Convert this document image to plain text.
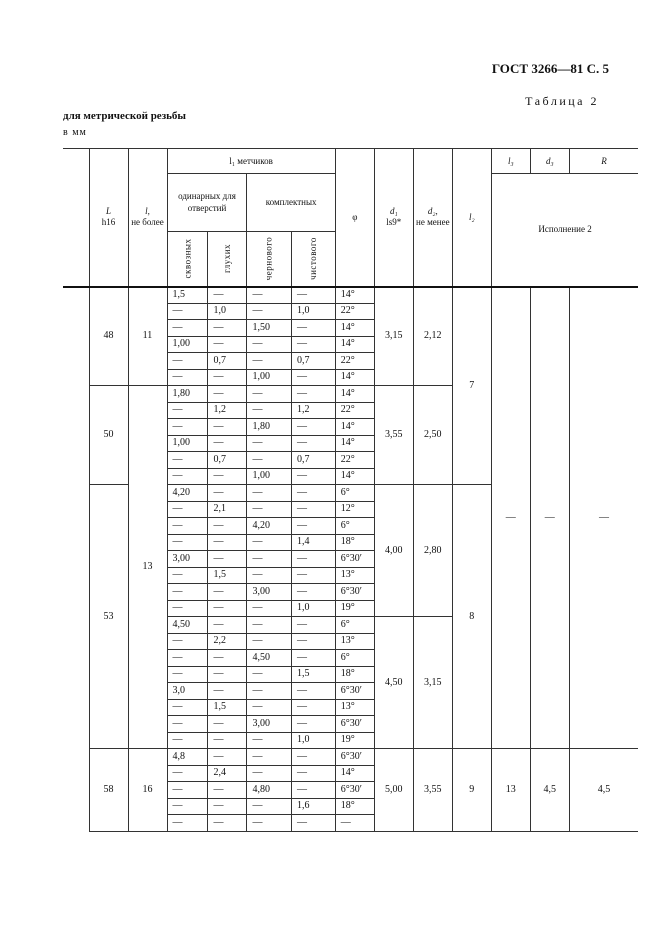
ГОСТ 3266—81 С. 5
Таблица 2
для метрической резьбы
в мм
	L
h16	l,
не более	l₁ метчиков				φ	d₁
ls9*	d₂,
не менее	l₂	l₃	d₃	R
			одинарных для отверстий		комплектных						Исполнение 2		
			сквозных	глухих	чернового	чистового							
	48	11	1,5	—	—	—	14°	3,15	2,12	7	—	—	—
			—	1,0	—	1,0	22°						
			—	—	1,50	—	14°						
			1,00	—	—	—	14°						
			—	0,7	—	0,7	22°						
			—	—	1,00	—	14°						
	50	13	1,80	—	—	—	14°	3,55	2,50				
			—	1,2	—	1,2	22°						
			—	—	1,80	—	14°						
			1,00	—	—	—	14°						
			—	0,7	—	0,7	22°						
			—	—	1,00	—	14°						
	53		4,20	—	—	—	6°	4,00	2,80	8			
			—	2,1	—	—	12°						
			—	—	4,20	—	6°						
			—	—	—	1,4	18°						
			3,00	—	—	—	6°30′						
			—	1,5	—	—	13°						
			—	—	3,00	—	6°30′						
			—	—	—	1,0	19°						
			4,50	—	—	—	6°	4,50	3,15				
			—	2,2	—	—	13°						
			—	—	4,50	—	6°						
			—	—	—	1,5	18°						
			3,0	—	—	—	6°30′						
			—	1,5	—	—	13°						
			—	—	3,00	—	6°30′						
			—	—	—	1,0	19°						
	58	16	4,8	—	—	—	6°30′	5,00	3,55	9	13	4,5	4,5
			—	2,4	—	—	14°						
			—	—	4,80	—	6°30′						
			—	—	—	1,6	18°						
			—	—	—	—	—						
